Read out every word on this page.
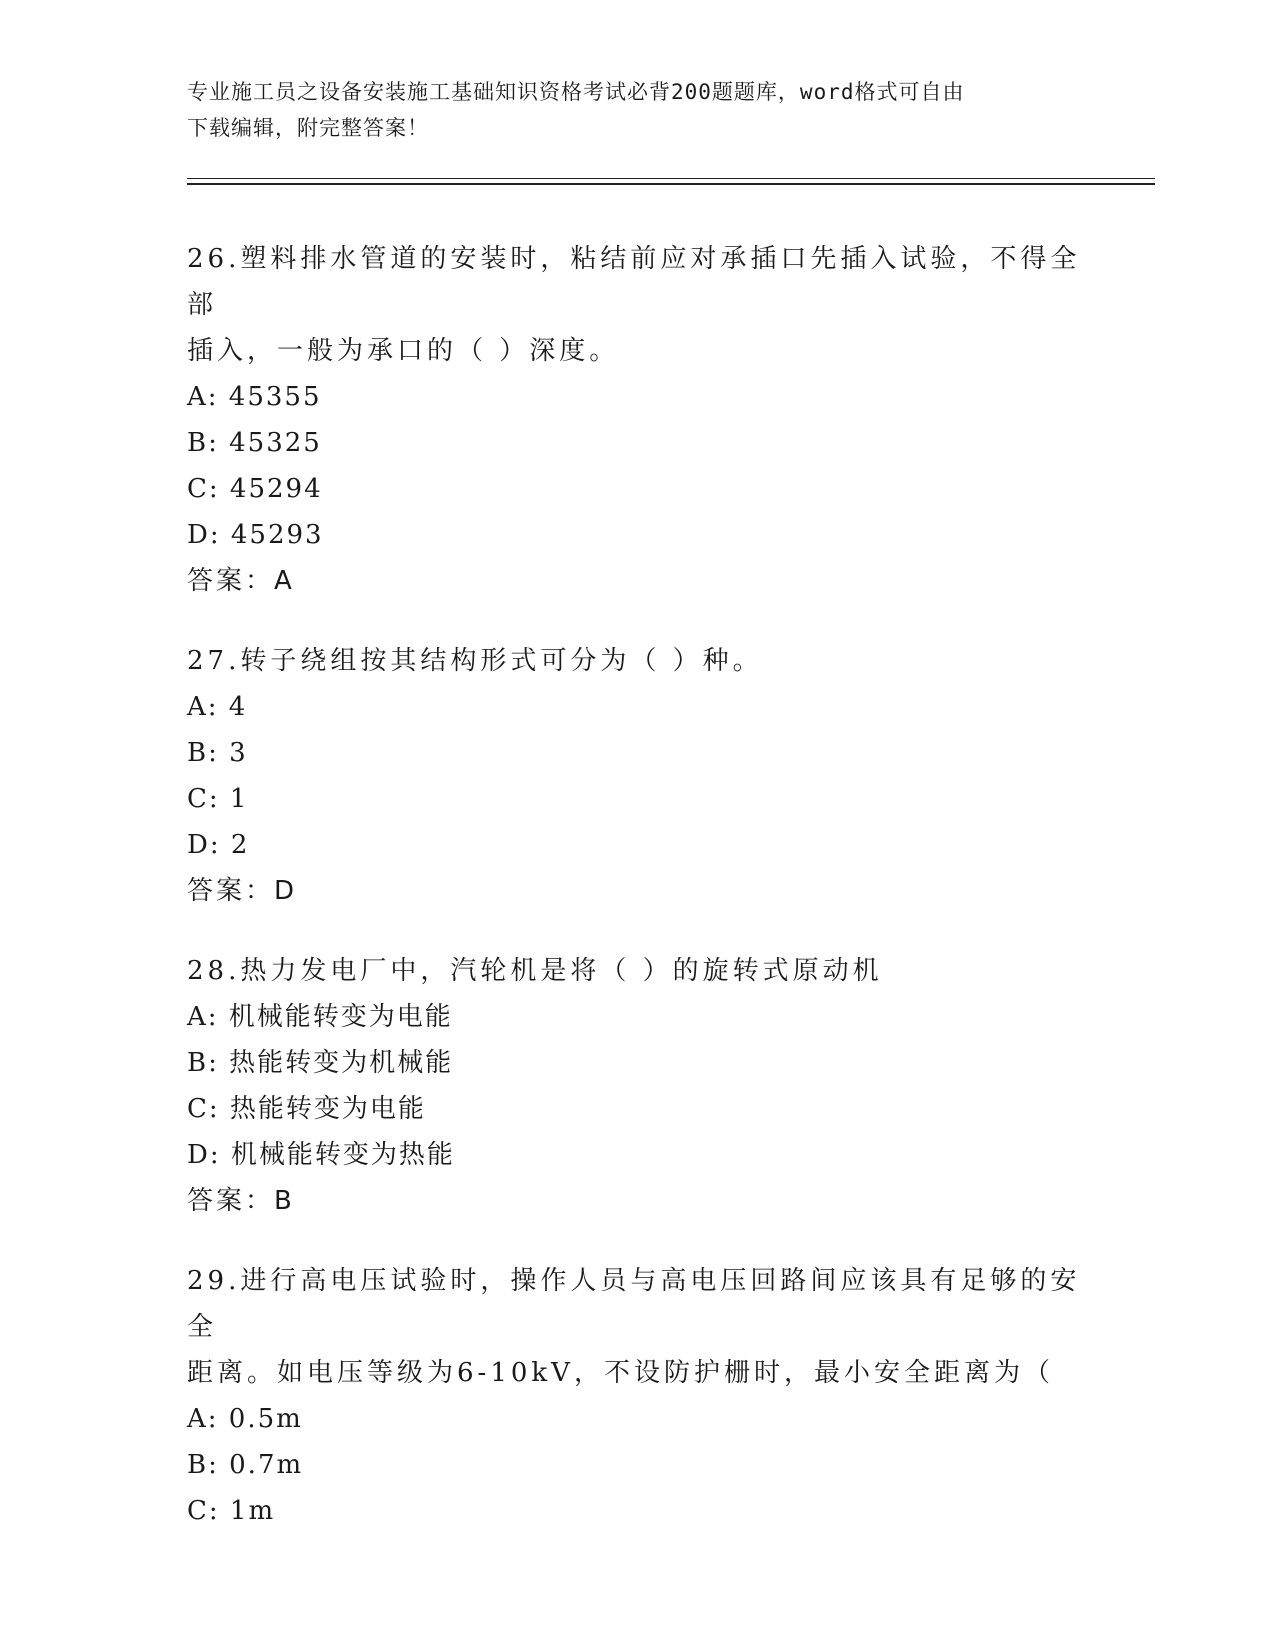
专业施工员之设备安装施工基础知识资格考试必背200题题库，word格式可自由
下载编辑，附完整答案！
26.塑料排水管道的安装时，粘结前应对承插口先插入试验，不得全部
插入，一般为承口的（ ）深度。
A: 45355
B: 45325
C: 45294
D: 45293
答案：A
27.转子绕组按其结构形式可分为（ ）种。
A: 4
B: 3
C: 1
D: 2
答案：D
28.热力发电厂中，汽轮机是将（ ）的旋转式原动机
A: 机械能转变为电能
B: 热能转变为机械能
C: 热能转变为电能
D: 机械能转变为热能
答案：B
29.进行高电压试验时，操作人员与高电压回路间应该具有足够的安全
距离。如电压等级为6-10kV，不设防护栅时，最小安全距离为（
A: 0.5m
B: 0.7m
C: 1m
